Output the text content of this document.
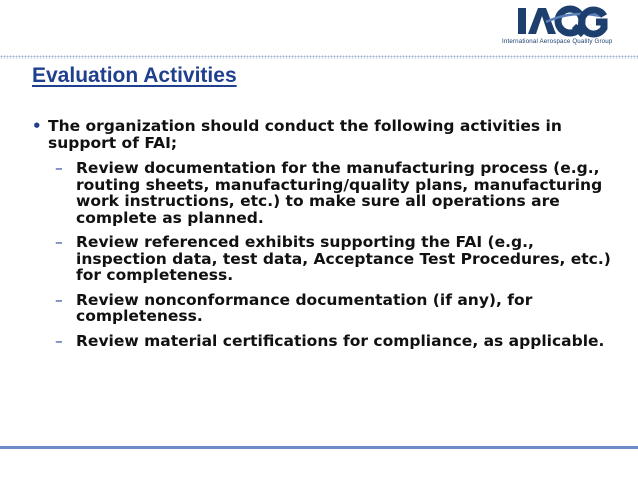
International Aerospace Quality Group
Evaluation Activities
• The organization should conduct the following activities in support of FAI;
– Review documentation for the manufacturing process (e.g., routing sheets, manufacturing/quality plans, manufacturing work instructions, etc.) to make sure all operations are complete as planned.
– Review referenced exhibits supporting the FAI (e.g., inspection data, test data, Acceptance Test Procedures, etc.) for completeness.
– Review nonconformance documentation (if any), for completeness.
– Review material certifications for compliance, as applicable.
